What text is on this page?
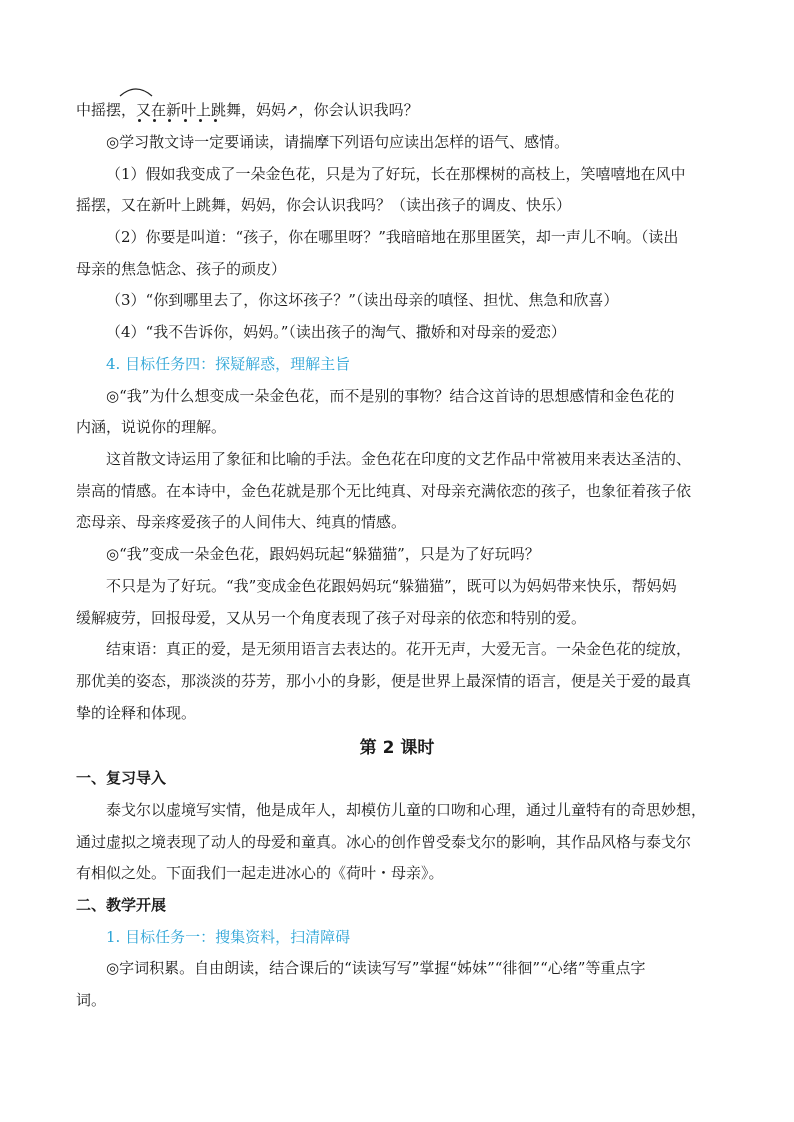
中摇摆，又在新叶上跳舞，妈妈↗，你会认识我吗？
◎学习散文诗一定要诵读，请揣摩下列语句应读出怎样的语气、感情。
（1）假如我变成了一朵金色花，只是为了好玩，长在那棵树的高枝上，笑嘻嘻地在风中
摇摆，又在新叶上跳舞，妈妈，你会认识我吗？（读出孩子的调皮、快乐）
（2）你要是叫道：“孩子，你在哪里呀？”我暗暗地在那里匿笑，却一声儿不响。（读出
母亲的焦急惦念、孩子的顽皮）
（3）“你到哪里去了，你这坏孩子？”（读出母亲的嗔怪、担忧、焦急和欣喜）
（4）“我不告诉你，妈妈。”（读出孩子的淘气、撒娇和对母亲的爱恋）
4. 目标任务四：探疑解惑，理解主旨
◎“我”为什么想变成一朵金色花，而不是别的事物？结合这首诗的思想感情和金色花的
内涵，说说你的理解。
这首散文诗运用了象征和比喻的手法。金色花在印度的文艺作品中常被用来表达圣洁的、
崇高的情感。在本诗中，金色花就是那个无比纯真、对母亲充满依恋的孩子，也象征着孩子依
恋母亲、母亲疼爱孩子的人间伟大、纯真的情感。
◎“我”变成一朵金色花，跟妈妈玩起“躲猫猫”，只是为了好玩吗？
不只是为了好玩。“我”变成金色花跟妈妈玩“躲猫猫”，既可以为妈妈带来快乐，帮妈妈
缓解疲劳，回报母爱，又从另一个角度表现了孩子对母亲的依恋和特别的爱。
结束语：真正的爱，是无须用语言去表达的。花开无声，大爱无言。一朵金色花的绽放，
那优美的姿态，那淡淡的芬芳，那小小的身影，便是世界上最深情的语言，便是关于爱的最真
挚的诠释和体现。
第 2 课时
一、复习导入
泰戈尔以虚境写实情，他是成年人，却模仿儿童的口吻和心理，通过儿童特有的奇思妙想，
通过虚拟之境表现了动人的母爱和童真。冰心的创作曾受泰戈尔的影响，其作品风格与泰戈尔
有相似之处。下面我们一起走进冰心的《荷叶・母亲》。
二、教学开展
1. 目标任务一：搜集资料，扫清障碍
◎字词积累。自由朗读，结合课后的“读读写写”掌握“姊妹”“徘徊”“心绪”等重点字
词。
